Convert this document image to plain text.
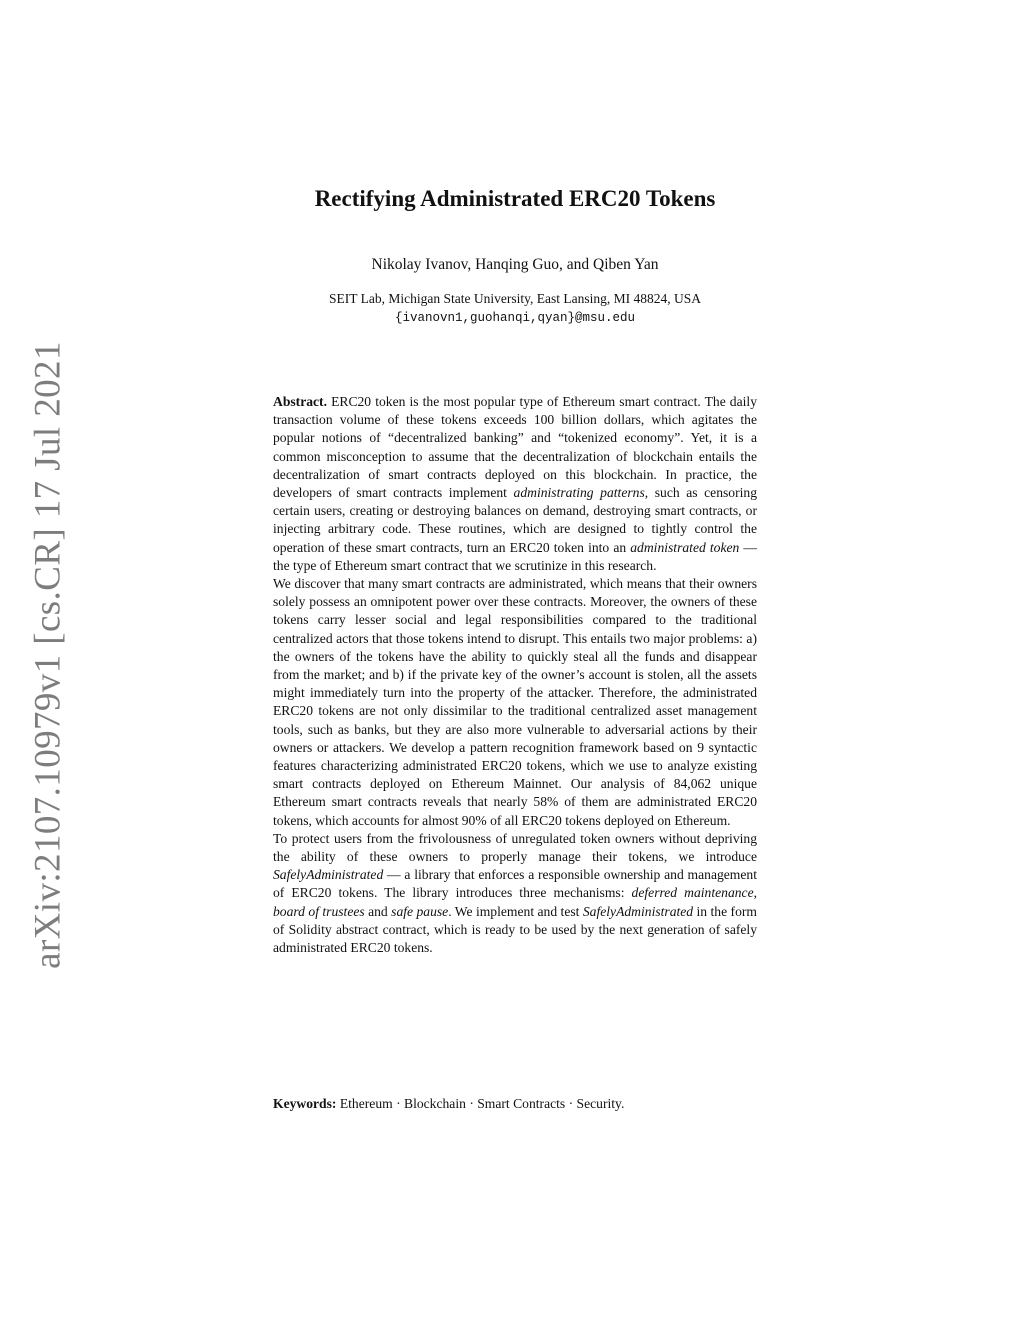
arXiv:2107.10979v1 [cs.CR] 17 Jul 2021
Rectifying Administrated ERC20 Tokens
Nikolay Ivanov, Hanqing Guo, and Qiben Yan
SEIT Lab, Michigan State University, East Lansing, MI 48824, USA
{ivanovn1,guohanqi,qyan}@msu.edu

Abstract. ERC20 token is the most popular type of Ethereum smart contract. The daily transaction volume of these tokens exceeds 100 billion dollars, which agitates the popular notions of “decentralized banking” and “tokenized economy”. Yet, it is a common misconception to assume that the decentralization of blockchain entails the decentralization of smart contracts deployed on this blockchain. In practice, the developers of smart contracts implement administrating patterns, such as censoring certain users, creating or destroying balances on demand, destroying smart contracts, or injecting arbitrary code. These routines, which are designed to tightly control the operation of these smart contracts, turn an ERC20 token into an administrated token — the type of Ethereum smart contract that we scrutinize in this research.

We discover that many smart contracts are administrated, which means that their owners solely possess an omnipotent power over these contracts. Moreover, the owners of these tokens carry lesser social and legal responsibilities compared to the traditional centralized actors that those tokens intend to disrupt. This entails two major problems: a) the owners of the tokens have the ability to quickly steal all the funds and disappear from the market; and b) if the private key of the owner’s account is stolen, all the assets might immediately turn into the property of the attacker. Therefore, the administrated ERC20 tokens are not only dissimilar to the traditional centralized asset management tools, such as banks, but they are also more vulnerable to adversarial actions by their owners or attackers. We develop a pattern recognition framework based on 9 syntactic features characterizing administrated ERC20 tokens, which we use to analyze existing smart contracts deployed on Ethereum Mainnet. Our analysis of 84,062 unique Ethereum smart contracts reveals that nearly 58% of them are administrated ERC20 tokens, which accounts for almost 90% of all ERC20 tokens deployed on Ethereum.

To protect users from the frivolousness of unregulated token owners without depriving the ability of these owners to properly manage their tokens, we introduce SafelyAdministrated — a library that enforces a responsible ownership and management of ERC20 tokens. The library introduces three mechanisms: deferred maintenance, board of trustees and safe pause. We implement and test SafelyAdministrated in the form of Solidity abstract contract, which is ready to be used by the next generation of safely administrated ERC20 tokens.

Keywords: Ethereum · Blockchain · Smart Contracts · Security.
